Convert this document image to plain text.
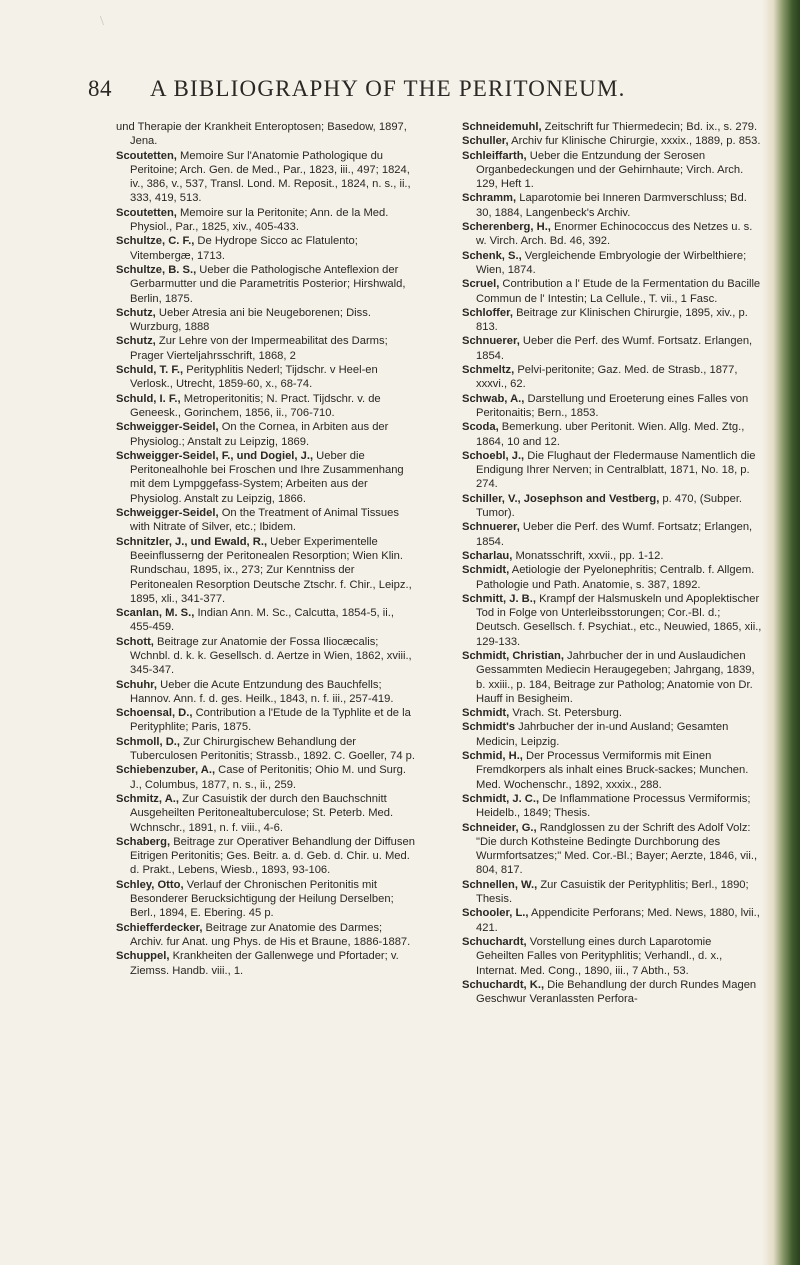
\
84 A BIBLIOGRAPHY OF THE PERITONEUM.

und Therapie der Krankheit Enteroptosen; Basedow, 1897, Jena.

Scoutetten, Memoire Sur l'Anatomie Pathologique du Peritoine; Arch. Gen. de Med., Par., 1823, iii., 497; 1824, iv., 386, v., 537, Transl. Lond. M. Reposit., 1824, n. s., ii., 333, 419, 513.

Scoutetten, Memoire sur la Peritonite; Ann. de la Med. Physiol., Par., 1825, xiv., 405-433.

Schultze, C. F., De Hydrope Sicco ac Flatulento; Vitembergæ, 1713.

Schultze, B. S., Ueber die Pathologische Anteflexion der Gerbarmutter und die Parametritis Posterior; Hirshwald, Berlin, 1875.

Schutz, Ueber Atresia ani bie Neugeborenen; Diss. Wurzburg, 1888

Schutz, Zur Lehre von der Impermeabilitat des Darms; Prager Vierteljahrsschrift, 1868, 2

Schuld, T. F., Perityphlitis Nederl; Tijdschr. v Heel-en Verlosk., Utrecht, 1859-60, x., 68-74.

Schuld, I. F., Metroperitonitis; N. Pract. Tijdschr. v. de Geneesk., Gorinchem, 1856, ii., 706-710.

Schweigger-Seidel, On the Cornea, in Arbiten aus der Physiolog.; Anstalt zu Leipzig, 1869.

Schweigger-Seidel, F., und Dogiel, J., Ueber die Peritonealhohle bei Froschen und Ihre Zusammenhang mit dem Lympggefass-System; Arbeiten aus der Physiolog. Anstalt zu Leipzig, 1866.

Schweigger-Seidel, On the Treatment of Animal Tissues with Nitrate of Silver, etc.; Ibidem.

Schnitzler, J., und Ewald, R., Ueber Experimentelle Beeinflusserng der Peritonealen Resorption; Wien Klin. Rundschau, 1895, ix., 273; Zur Kenntniss der Peritonealen Resorption Deutsche Ztschr. f. Chir., Leipz., 1895, xli., 341-377.

Scanlan, M. S., Indian Ann. M. Sc., Calcutta, 1854-5, ii., 455-459.

Schott, Beitrage zur Anatomie der Fossa Iliocæcalis; Wchnbl. d. k. k. Gesellsch. d. Aertze in Wien, 1862, xviii., 345-347.

Schuhr, Ueber die Acute Entzundung des Bauchfells; Hannov. Ann. f. d. ges. Heilk., 1843, n. f. iii., 257-419.

Schoensal, D., Contribution a l'Etude de la Typhlite et de la Perityphlite; Paris, 1875.

Schmoll, D., Zur Chirurgischew Behandlung der Tuberculosen Peritonitis; Strassb., 1892. C. Goeller, 74 p.

Schiebenzuber, A., Case of Peritonitis; Ohio M. und Surg. J., Columbus, 1877, n. s., ii., 259.

Schmitz, A., Zur Casuistik der durch den Bauchschnitt Ausgeheilten Peritonealtuberculose; St. Peterb. Med. Wchnschr., 1891, n. f. viii., 4-6.

Schaberg, Beitrage zur Operativer Behandlung der Diffusen Eitrigen Peritonitis; Ges. Beitr. a. d. Geb. d. Chir. u. Med. d. Prakt., Lebens, Wiesb., 1893, 93-106.

Schley, Otto, Verlauf der Chronischen Peritonitis mit Besonderer Berucksichtigung der Heilung Derselben; Berl., 1894, E. Ebering. 45 p.

Schiefferdecker, Beitrage zur Anatomie des Darmes; Archiv. fur Anat. ung Phys. de His et Braune, 1886-1887.

Schuppel, Krankheiten der Gallenwege und Pfortader; v. Ziemss. Handb. viii., 1.

Schneidemuhl, Zeitschrift fur Thiermedecin; Bd. ix., s. 279.

Schuller, Archiv fur Klinische Chirurgie, xxxix., 1889, p. 853.

Schleiffarth, Ueber die Entzundung der Serosen Organbedeckungen und der Gehirnhaute; Virch. Arch. 129, Heft 1.

Schramm, Laparotomie bei Inneren Darmverschluss; Bd. 30, 1884, Langenbeck's Archiv.

Scherenberg, H., Enormer Echinococcus des Netzes u. s. w. Virch. Arch. Bd. 46, 392.

Schenk, S., Vergleichende Embryologie der Wirbelthiere; Wien, 1874.

Scruel, Contribution a l' Etude de la Fermentation du Bacille Commun de l' Intestin; La Cellule., T. vii., 1 Fasc.

Schloffer, Beitrage zur Klinischen Chirurgie, 1895, xiv., p. 813.

Schnuerer, Ueber die Perf. des Wumf. Fortsatz. Erlangen, 1854.

Schmeltz, Pelvi-peritonite; Gaz. Med. de Strasb., 1877, xxxvi., 62.

Schwab, A., Darstellung und Eroeterung eines Falles von Peritonaitis; Bern., 1853.

Scoda, Bemerkung. uber Peritonit. Wien. Allg. Med. Ztg., 1864, 10 and 12.

Schoebl, J., Die Flughaut der Fledermause Namentlich die Endigung Ihrer Nerven; in Centralblatt, 1871, No. 18, p. 274.

Schiller, V., Josephson and Vestberg, p. 470, (Subper. Tumor).

Schnuerer, Ueber die Perf. des Wumf. Fortsatz; Erlangen, 1854.

Scharlau, Monatsschrift, xxvii., pp. 1-12.

Schmidt, Aetiologie der Pyelonephritis; Centralb. f. Allgem. Pathologie und Path. Anatomie, s. 387, 1892.

Schmitt, J. B., Krampf der Halsmuskeln und Apoplektischer Tod in Folge von Unterleibsstorungen; Cor.-Bl. d.; Deutsch. Gesellsch. f. Psychiat., etc., Neuwied, 1865, xii., 129-133.

Schmidt, Christian, Jahrbucher der in und Auslaudichen Gessammten Mediecin Heraugegeben; Jahrgang, 1839, b. xxiii., p. 184, Beitrage zur Patholog; Anatomie von Dr. Hauff in Besigheim.

Schmidt, Vrach. St. Petersburg.

Schmidt's Jahrbucher der in-und Ausland; Gesamten Medicin, Leipzig.

Schmid, H., Der Processus Vermiformis mit Einen Fremdkorpers als inhalt eines Bruck-sackes; Munchen. Med. Wochenschr., 1892, xxxix., 288.

Schmidt, J. C., De Inflammatione Processus Vermiformis; Heidelb., 1849; Thesis.

Schneider, G., Randglossen zu der Schrift des Adolf Volz: "Die durch Kothsteine Bedingte Durchborung des Wurmfortsatzes;" Med. Cor.-Bl.; Bayer; Aerzte, 1846, vii., 804, 817.

Schnellen, W., Zur Casuistik der Perityphlitis; Berl., 1890; Thesis.

Schooler, L., Appendicite Perforans; Med. News, 1880, lvii., 421.

Schuchardt, Vorstellung eines durch Laparotomie Geheilten Falles von Perityphlitis; Verhandl., d. x., Internat. Med. Cong., 1890, iii., 7 Abth., 53.

Schuchardt, K., Die Behandlung der durch Rundes Magen Geschwur Veranlassten Perfora-
